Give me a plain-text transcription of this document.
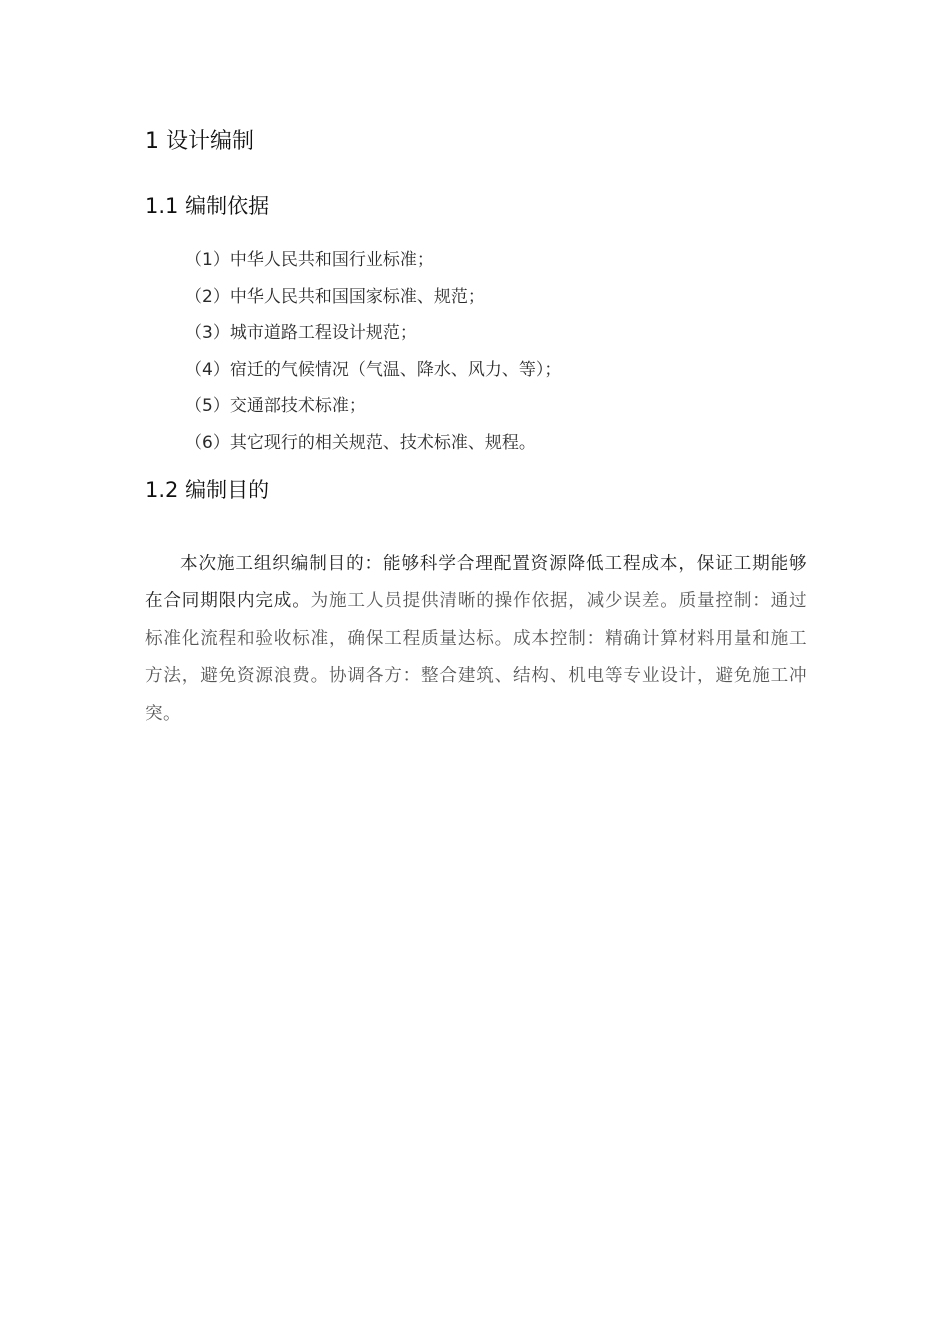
1 设计编制
1.1 编制依据
（1）中华人民共和国行业标准；
（2）中华人民共和国国家标准、规范；
（3）城市道路工程设计规范；
（4）宿迁的气候情况（气温、降水、风力、等）；
（5）交通部技术标准；
（6）其它现行的相关规范、技术标准、规程。
1.2 编制目的

本次施工组织编制目的：能够科学合理配置资源降低工程成本，保证工期能够在合同期限内完成。为施工人员提供清晰的操作依据，减少误差。质量控制：通过标准化流程和验收标准，确保工程质量达标。成本控制：精确计算材料用量和施工方法，避免资源浪费。协调各方：整合建筑、结构、机电等专业设计，避免施工冲突。
